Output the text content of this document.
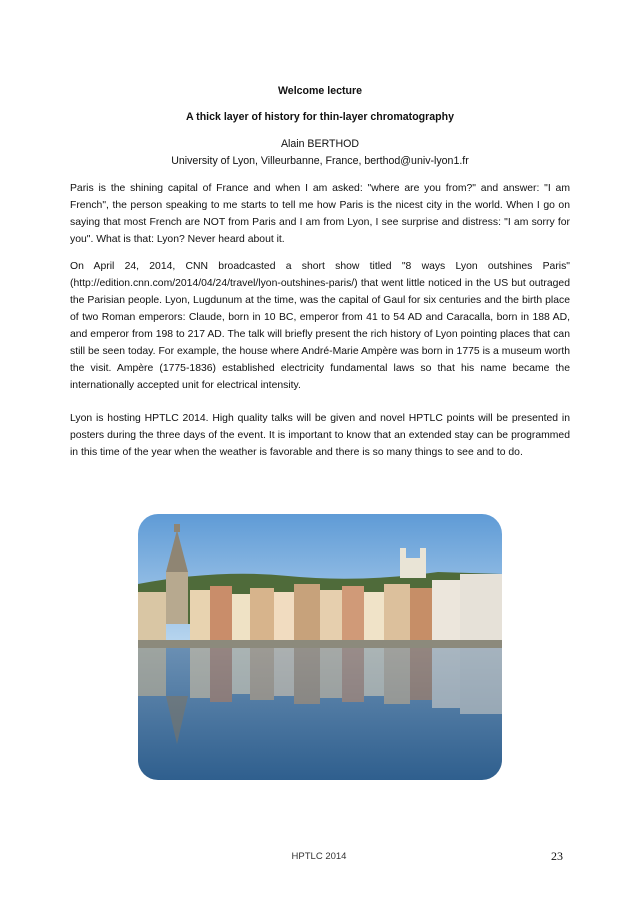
Welcome lecture
A thick layer of history for thin-layer chromatography
Alain BERTHOD
University of Lyon, Villeurbanne, France, berthod@univ-lyon1.fr

Paris is the shining capital of France and when I am asked: "where are you from?" and answer: "I am French", the person speaking to me starts to tell me how Paris is the nicest city in the world. When I go on saying that most French are NOT from Paris and I am from Lyon, I see surprise and distress: "I am sorry for you". What is that: Lyon? Never heard about it.

On April 24, 2014, CNN broadcasted a short show titled "8 ways Lyon outshines Paris" (http://edition.cnn.com/2014/04/24/travel/lyon-outshines-paris/) that went little noticed in the US but outraged the Parisian people. Lyon, Lugdunum at the time, was the capital of Gaul for six centuries and the birth place of two Roman emperors: Claude, born in 10 BC, emperor from 41 to 54 AD and Caracalla, born in 188 AD, and emperor from 198 to 217 AD. The talk will briefly present the rich history of Lyon pointing places that can still be seen today. For example, the house where André-Marie Ampère was born in 1775 is a museum worth the visit. Ampère (1775-1836) established electricity fundamental laws so that his name became the internationally accepted unit for electrical intensity.

Lyon is hosting HPTLC 2014. High quality talks will be given and novel HPTLC points will be presented in posters during the three days of the event. It is important to know that an extended stay can be programmed in this time of the year when the weather is favorable and there is so many things to see and to do.

HPTLC 2014	23
